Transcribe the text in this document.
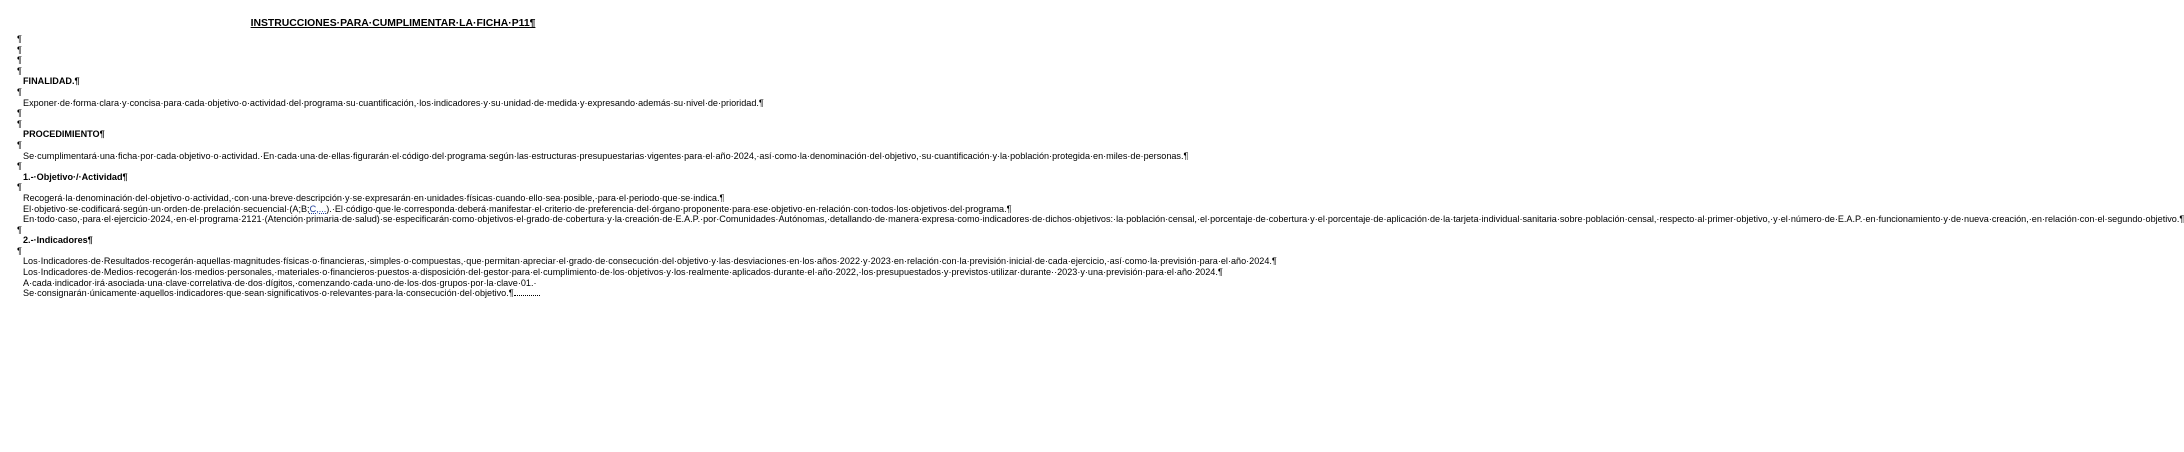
INSTRUCCIONES·PARA·CUMPLIMENTAR·LA·FICHA·P11¶
¶
¶
¶
¶
FINALIDAD.¶
¶
Exponer·de·forma·clara·y·concisa·para·cada·objetivo·o·actividad·del·programa·su·cuantificación,·los·indicadores·y·su·unidad·de·medida·y·expresando·además·su·nivel·de·prioridad.¶
¶
¶
PROCEDIMIENTO¶
¶
Se·cumplimentará·una·ficha·por·cada·objetivo·o·actividad.·En·cada·una·de·ellas·figurarán·el·código·del·programa·según·las·estructuras·presupuestarias·vigentes·para·el·año·2024,·así·como·la·denominación·del·objetivo,·su·cuantificación·y·la·población·protegida·en·miles·de·personas.¶
¶
1.-·Objetivo·/·Actividad¶
¶
Recogerá·la·denominación·del·objetivo·o·actividad,·con·una·breve·descripción·y·se·expresarán·en·unidades·físicas·cuando·ello·sea·posible,·para·el·periodo·que·se·indica.¶
El·objetivo·se·codificará·según·un·orden·de·prelación·secuencial·(A;B;C,...).·El·código·que·le·corresponda·deberá·manifestar·el·criterio·de·preferencia·del·órgano·proponente·para·ese·objetivo·en·relación·con·todos·los·objetivos·del·programa.¶
En·todo·caso,·para·el·ejercicio·2024,·en·el·programa·2121·(Atención·primaria·de·salud)·se·especificarán·como·objetivos·el·grado·de·cobertura·y·la·creación·de·E.A.P.·por·Comunidades·Autónomas,·detallando·de·manera·expresa·como·indicadores·de·dichos·objetivos:·la·población·censal,·el·porcentaje·de·cobertura·y·el·porcentaje·de·aplicación·de·la·tarjeta·individual·sanitaria·sobre·población·censal,·respecto·al·primer·objetivo,·y·el·número·de·E.A.P.·en·funcionamiento·y·de·nueva·creación,·en·relación·con·el·segundo·objetivo.¶
¶
2.-·Indicadores¶
¶
Los·Indicadores·de·Resultados·recogerán·aquellas·magnitudes·físicas·o·financieras,·simples·o·compuestas,·que·permitan·apreciar·el·grado·de·consecución·del·objetivo·y·las·desviaciones·en·los·años·2022·y·2023·en·relación·con·la·previsión·inicial·de·cada·ejercicio,·así·como·la·previsión·para·el·año·2024.¶
Los·Indicadores·de·Medios·recogerán·los·medios·personales,·materiales·o·financieros·puestos·a·disposición·del·gestor·para·el·cumplimiento·de·los·objetivos·y·los·realmente·aplicados·durante·el·año·2022,·los·presupuestados·y·previstos·utilizar·durante··2023·y·una·previsión·para·el·año·2024.¶
A·cada·indicador·irá·asociada·una·clave·correlativa·de·dos·dígitos,·comenzando·cada·uno·de·los·dos·grupos·por·la·clave·01.·
Se·consignarán·únicamente·aquellos·indicadores·que·sean·significativos·o·relevantes·para·la·consecución·del·objetivo.¶
